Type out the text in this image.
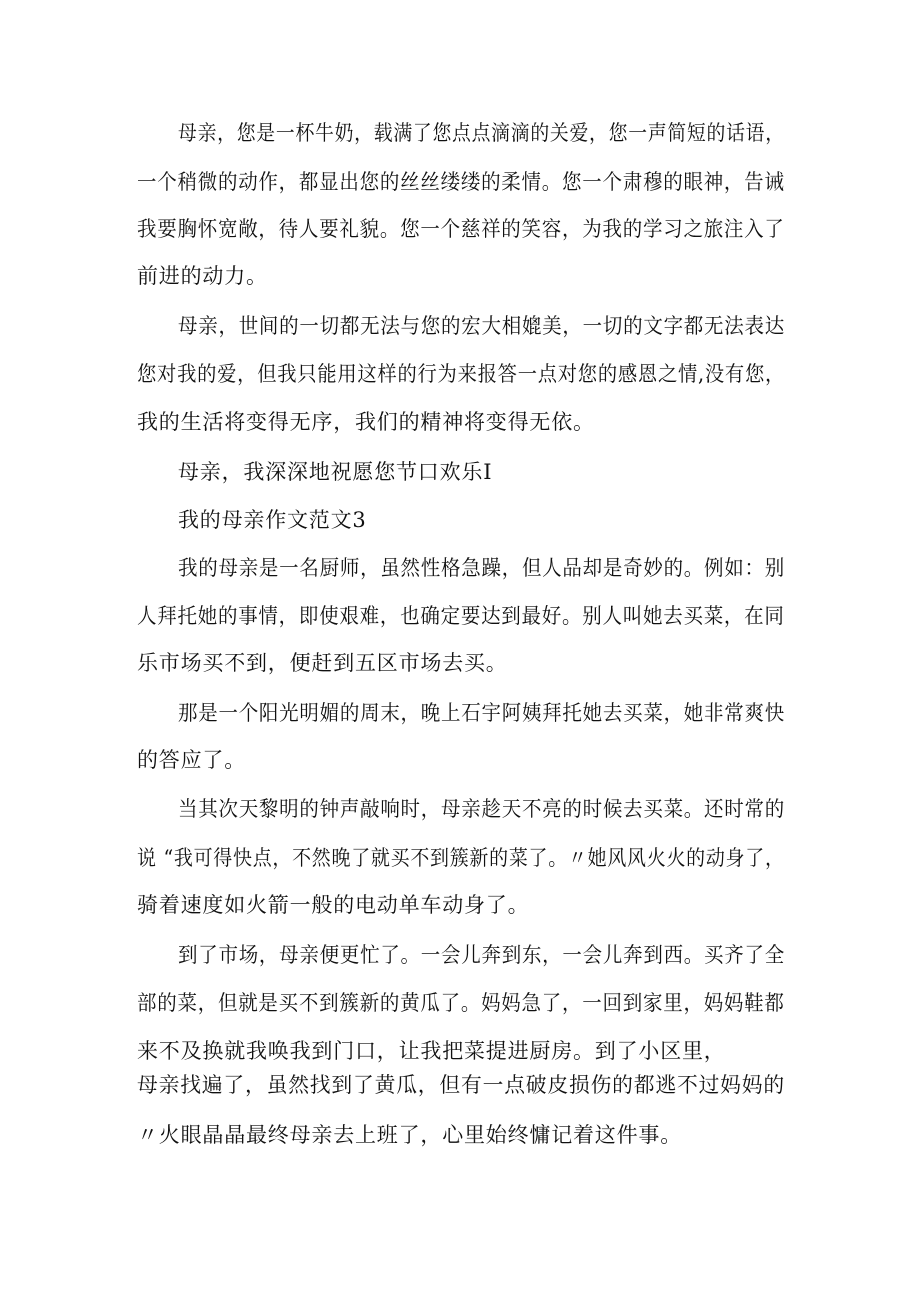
母亲，您是一杯牛奶，载满了您点点滴滴的关爱，您一声简短的话语，
一个稍微的动作，都显出您的丝丝缕缕的柔情。您一个肃穆的眼神，告诫
我要胸怀宽敞，待人要礼貌。您一个慈祥的笑容，为我的学习之旅注入了
前进的动力。
母亲，世间的一切都无法与您的宏大相媲美，一切的文字都无法表达
您对我的爱，但我只能用这样的行为来报答一点对您的感恩之情,没有您，
我的生活将变得无序，我们的精神将变得无依。
母亲，我深深地祝愿您节口欢乐I
我的母亲作文范文3
我的母亲是一名厨师，虽然性格急躁，但人品却是奇妙的。例如：别
人拜托她的事情，即使艰难，也确定要达到最好。别人叫她去买菜，在同
乐市场买不到，便赶到五区市场去买。
那是一个阳光明媚的周末，晚上石宇阿姨拜托她去买菜，她非常爽快
的答应了。
当其次天黎明的钟声敲响时，母亲趁天不亮的时候去买菜。还时常的
说 “我可得快点，不然晚了就买不到簇新的菜了。〃她风风火火的动身了，
骑着速度如火箭一般的电动单车动身了。
到了市场，母亲便更忙了。一会儿奔到东，一会儿奔到西。买齐了全
部的菜，但就是买不到簇新的黄瓜了。妈妈急了，一回到家里，妈妈鞋都
来不及换就我唤我到门口，让我把菜提进厨房。到了小区里，
母亲找遍了，虽然找到了黄瓜，但有一点破皮损伤的都逃不过妈妈的
〃火眼晶晶最终母亲去上班了，心里始终慵记着这件事。
